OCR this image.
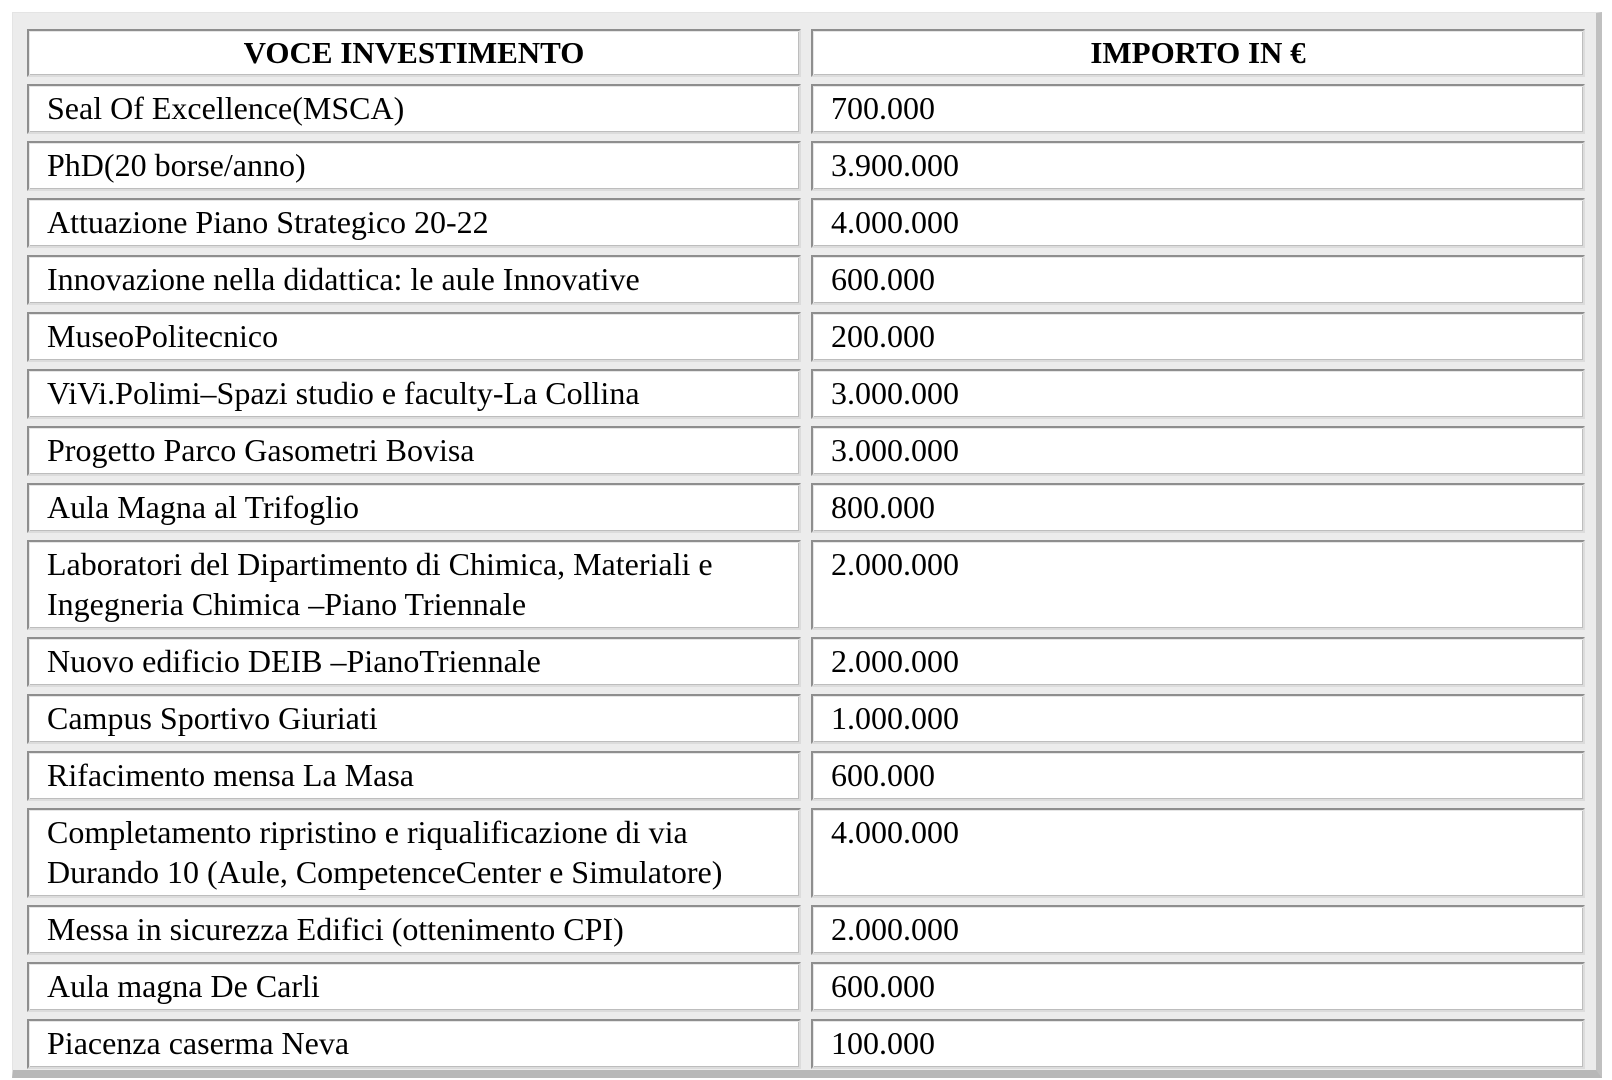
VOCE INVESTIMENTO	IMPORTO IN €
Seal Of Excellence(MSCA)	700.000
PhD(20 borse/anno)	3.900.000
Attuazione Piano Strategico 20-22	4.000.000
Innovazione nella didattica: le aule Innovative	600.000
MuseoPolitecnico	200.000
ViVi.Polimi–Spazi studio e faculty-La Collina	3.000.000
Progetto Parco Gasometri Bovisa	3.000.000
Aula Magna al Trifoglio	800.000
Laboratori del Dipartimento di Chimica, Materiali e Ingegneria Chimica –Piano Triennale	2.000.000
Nuovo edificio DEIB –PianoTriennale	2.000.000
Campus Sportivo Giuriati	1.000.000
Rifacimento mensa La Masa	600.000
Completamento ripristino e riqualificazione di via Durando 10 (Aule, CompetenceCenter e Simulatore)	4.000.000
Messa in sicurezza Edifici (ottenimento CPI)	2.000.000
Aula magna De Carli	600.000
Piacenza caserma Neva	100.000
